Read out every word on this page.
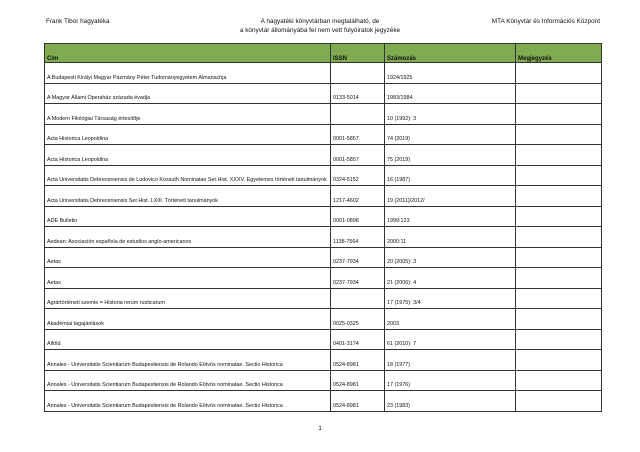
Frank Tibor hagyatéka	A hagyatéki könyvtárban megtalálható, de
a könyvtár állományába fel nem vett folyóiratok jegyzéke
MTA Könyvtár és Információs Központ
Cím	ISSN	Számozás	Megjegyzés
A Budapesti Királyi Magyar Pázmány Péter Tudományegyetem Almanachja		1924/1925	
A Magyar Állami Operaház százada évadja	0133-5014	1983/1984	
A Modern Filológiai Társaság értesítője		10 (1992): 3	
Acta Historica Leopoldina	0001-5857	74 (2019)	
Acta Historica Leopoldina	0001-5857	75 (2019)	
Acta Universitatis Debreceniensis de Ludovico Kossuth Nominatae Ser.Hist. XXXV. Egyetemes történeti tanulmányok	0324-5152	16 (1987)	
Acta Universitatis Debreceniensis Ser.Hist. LXIII. Történeti tanulmányok	1217-4602	19 (2011)/2012/	
ADE Bulletin	0001-0898	1999:123	
Aedean: Asociación española de estudios anglo-americanos	1138-7564	2000:11	
Aetas	0237-7934	20 (2005): 3	
Aetas	0237-7934	21 (2006): 4	
Agrártörténeti szemle = Historia rerum rusticarum		17 (1975): 3/4	
Akadémiai tagajánlások	0025-0325	2003	
Alföld	0401-3174	61 (2010): 7	
Annales - Universitatis Scientiarum Budapestiensis de Rolando Eötvös nominatae. Sectio Historica	0524-8981	18 (1977)	
Annales - Universitatis Scientiarum Budapestiensis de Rolando Eötvös nominatae. Sectio Historica	0524-8981	17 (1976)	
Annales - Universitatis Scientiarum Budapestiensis de Rolando Eötvös nominatae. Sectio Historica	0524-8981	23 (1983)	
1
